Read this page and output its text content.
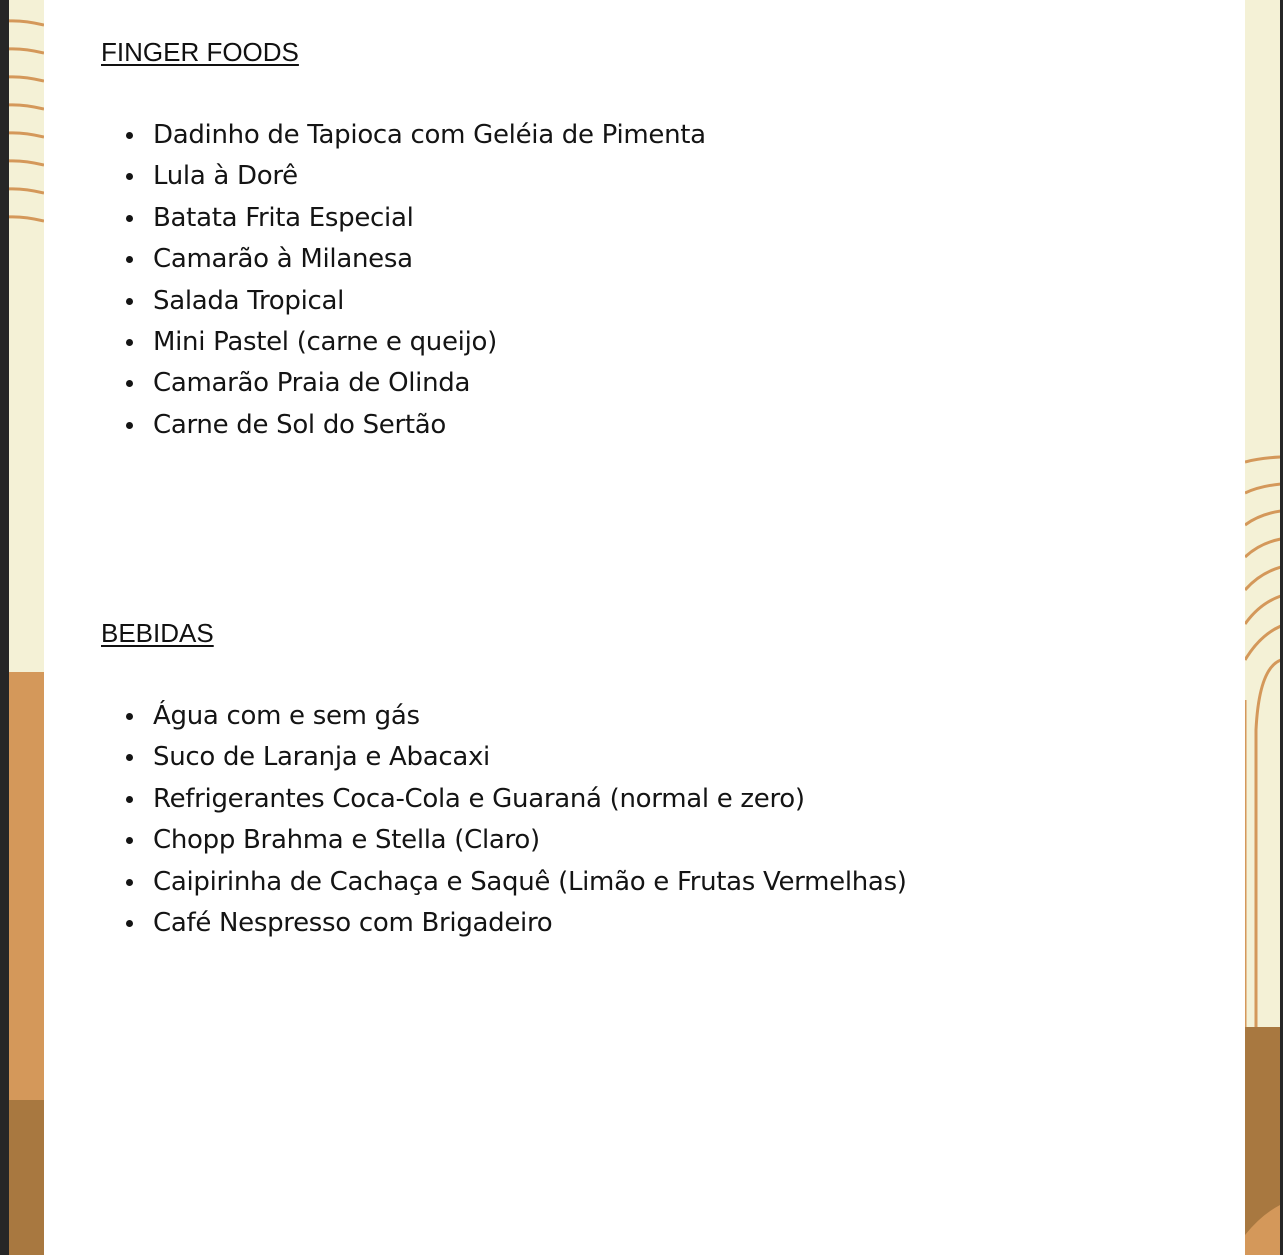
FINGER FOODS
Dadinho de Tapioca com Geléia de Pimenta
Lula à Dorê
Batata Frita Especial
Camarão à Milanesa
Salada Tropical
Mini Pastel (carne e queijo)
Camarão Praia de Olinda
Carne de Sol do Sertão
BEBIDAS
Água com e sem gás
Suco de Laranja e Abacaxi
Refrigerantes Coca-Cola e Guaraná (normal e zero)
Chopp Brahma e Stella (Claro)
Caipirinha de Cachaça e Saquê (Limão e Frutas Vermelhas)
Café Nespresso com Brigadeiro
